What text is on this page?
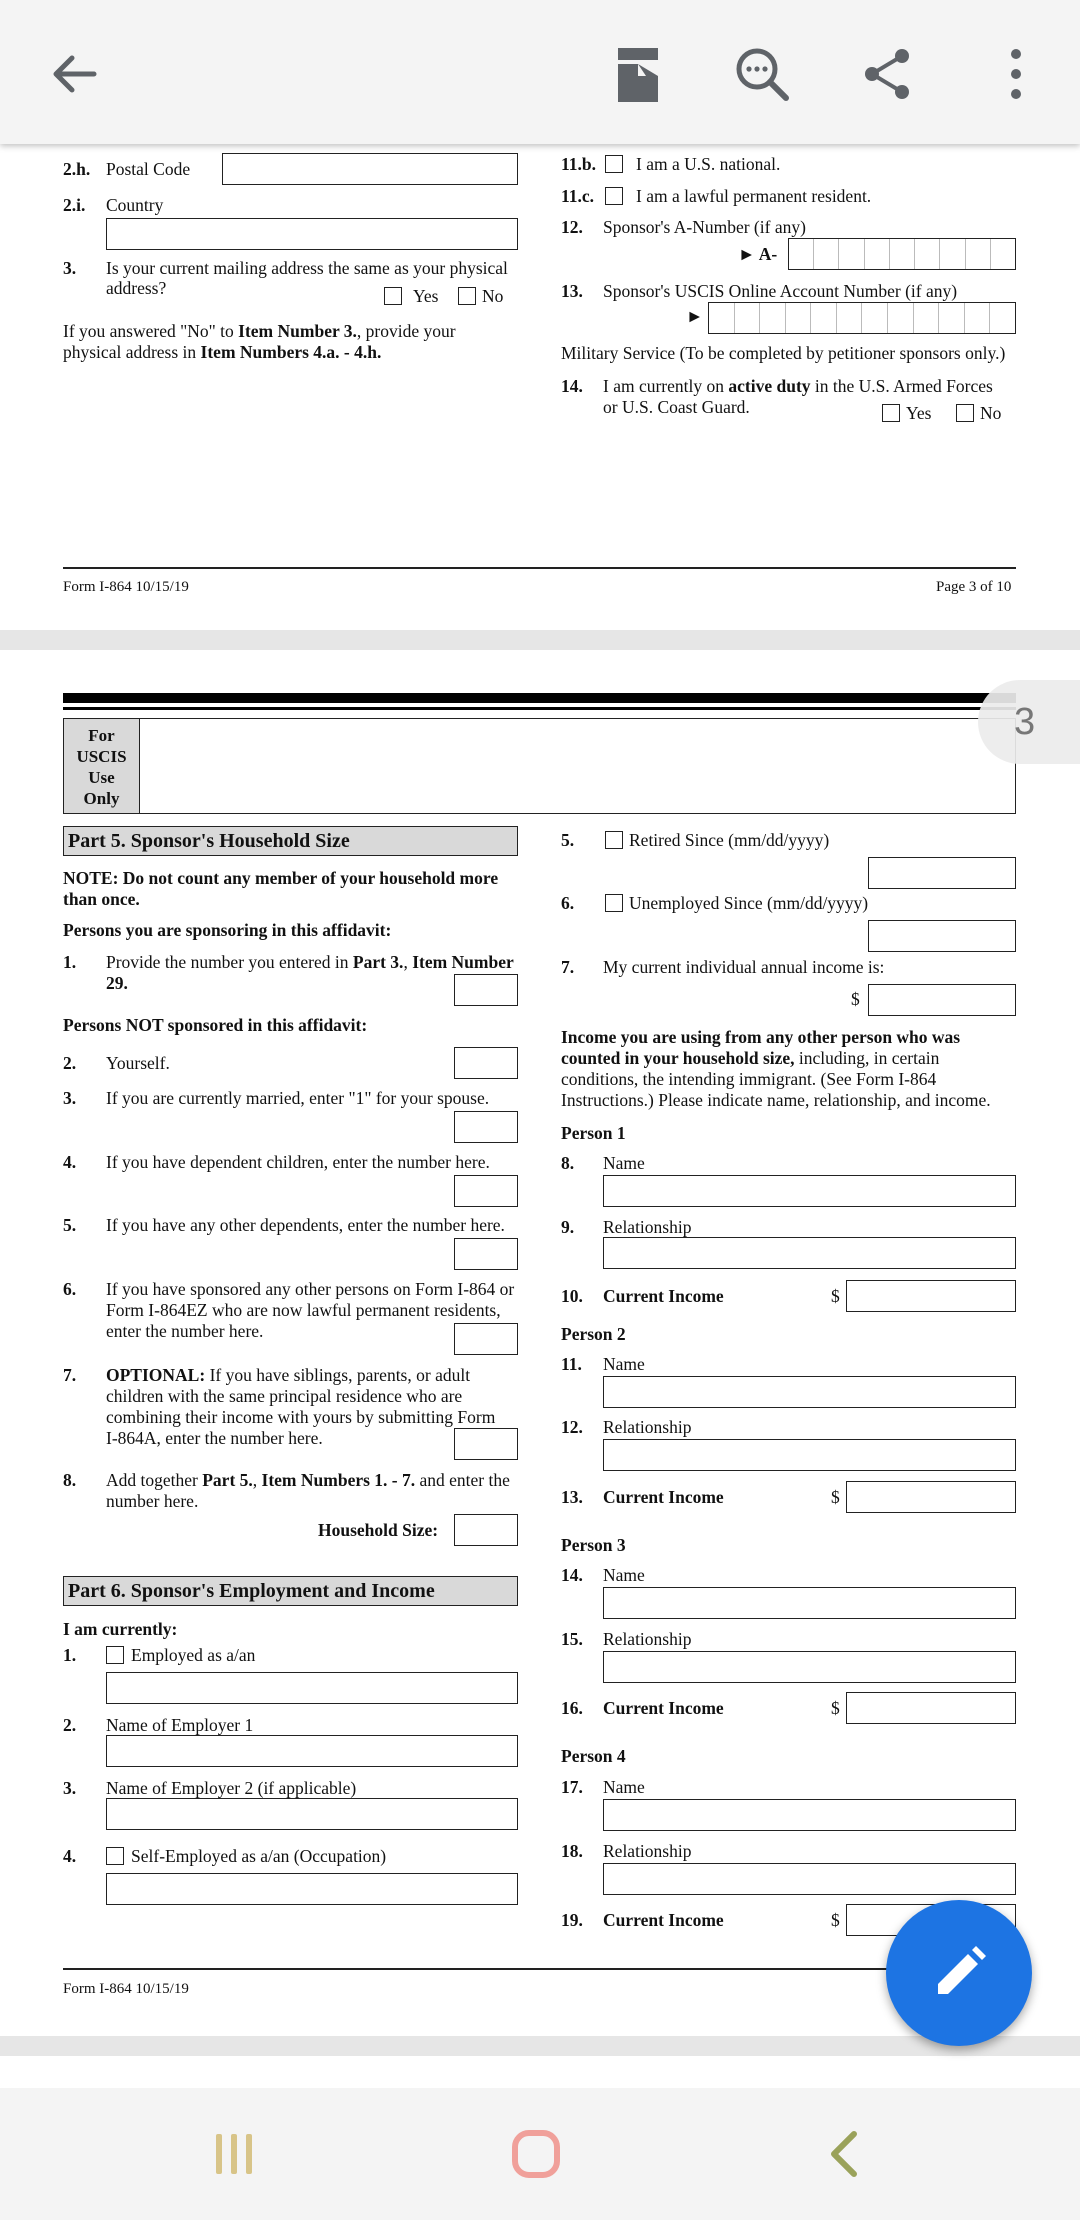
2.h. Postal Code
2.i. Country
3. Is your current mailing address the same as your physical
address?	Yes No
If you answered "No" to Item Number 3., provide your
physical address in Item Numbers 4.a. - 4.h.
11.b. I am a U.S. national.
11.c. I am a lawful permanent resident.
12. Sponsor's A-Number (if any)
► A-
13. Sponsor's USCIS Online Account Number (if any)
►
Military Service (To be completed by petitioner sponsors only.)
14. I am currently on active duty in the U.S. Armed Forces
or U.S. Coast Guard.	Yes	No
Form I-864 10/15/19	Page 3 of 10
For
USCIS
Use
Only
Part 5. Sponsor's Household Size
NOTE: Do not count any member of your household more
than once.
Persons you are sponsoring in this affidavit:
1. Provide the number you entered in Part 3., Item Number
29.
Persons NOT sponsored in this affidavit:
2. Yourself.
3. If you are currently married, enter "1" for your spouse.
4. If you have dependent children, enter the number here.
5. If you have any other dependents, enter the number here.
6. If you have sponsored any other persons on Form I-864 or
Form I-864EZ who are now lawful permanent residents,
enter the number here.
7. OPTIONAL: If you have siblings, parents, or adult
children with the same principal residence who are
combining their income with yours by submitting Form
I-864A, enter the number here.
8. Add together Part 5., Item Numbers 1. - 7. and enter the
number here.
Household Size:
Part 6. Sponsor's Employment and Income
I am currently:
1.	Employed as a/an
2. Name of Employer 1
3. Name of Employer 2 (if applicable)
4.	Self-Employed as a/an (Occupation)
5.	Retired Since (mm/dd/yyyy)
6.	Unemployed Since (mm/dd/yyyy)
7. My current individual annual income is:
$
Income you are using from any other person who was
counted in your household size, including, in certain
conditions, the intending immigrant. (See Form I-864
Instructions.) Please indicate name, relationship, and income.
Person 1
8. Name
9. Relationship
10. Current Income	$
Person 2
11. Name
12. Relationship
13. Current Income	$
Person 3
14. Name
15. Relationship
16. Current Income	$
Person 4
17. Name
18. Relationship
19. Current Income	$
Form I-864 10/15/19
3
